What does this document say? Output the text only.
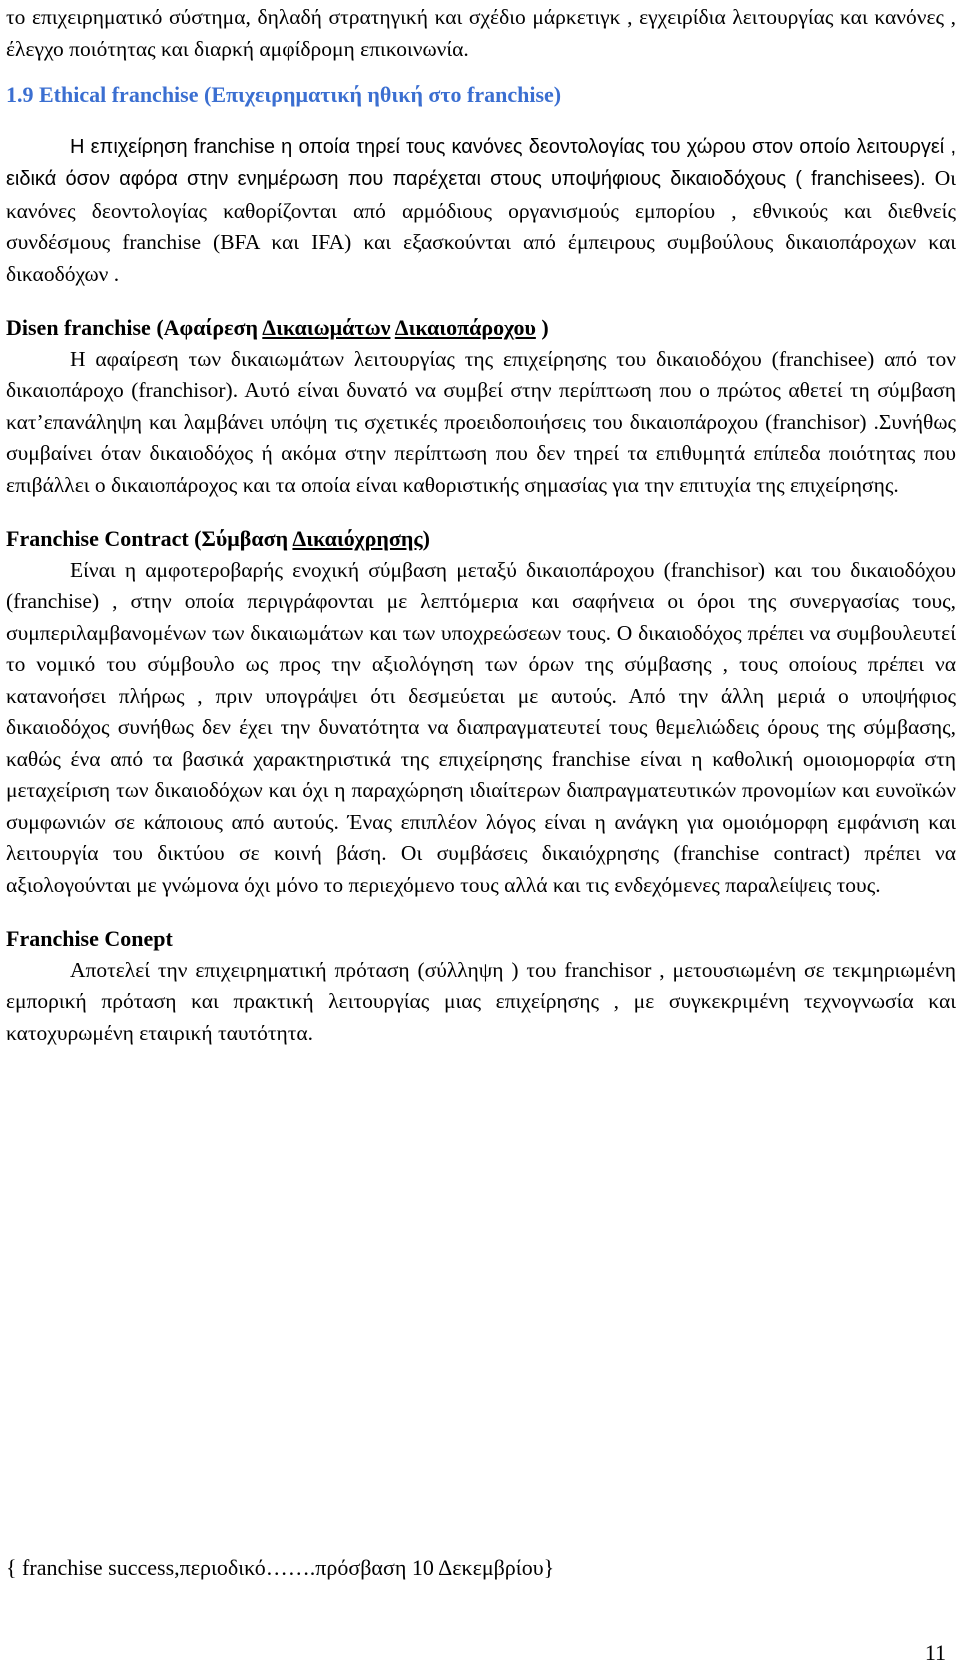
το επιχειρηματικό σύστημα, δηλαδή στρατηγική και σχέδιο μάρκετιγκ , εγχειρίδια λειτουργίας και κανόνες , έλεγχο ποιότητας και διαρκή αμφίδρομη επικοινωνία.

1.9 Ethical franchise (Επιχειρηματική ηθική στο franchise)

Η επιχείρηση franchise η οποία τηρεί τους κανόνες δεοντολογίας του χώρου στον οποίο λειτουργεί , ειδικά όσον αφόρα στην ενημέρωση που παρέχεται στους υποψήφιους δικαιοδόχους ( franchisees). Οι κανόνες δεοντολογίας καθορίζονται από αρμόδιους οργανισμούς εμπορίου , εθνικούς και διεθνείς συνδέσμους franchise (BFA και IFA) και εξασκούνται από έμπειρους συμβούλους δικαιοπάροχων και δικαοδόχων .

Disen franchise (Αφαίρεση Δικαιωμάτων Δικαιοπάροχου )

Η αφαίρεση των δικαιωμάτων λειτουργίας της επιχείρησης του δικαιοδόχου (franchisee) από τον δικαιοπάροχο (franchisor). Αυτό είναι δυνατό να συμβεί στην περίπτωση που ο πρώτος αθετεί τη σύμβαση κατ’επανάληψη και λαμβάνει υπόψη τις σχετικές προειδοποιήσεις του δικαιοπάροχου (franchisor) .Συνήθως συμβαίνει όταν δικαιοδόχος ή ακόμα στην περίπτωση που δεν τηρεί τα επιθυμητά επίπεδα ποιότητας που επιβάλλει ο δικαιοπάροχος και τα οποία είναι καθοριστικής σημασίας για την επιτυχία της επιχείρησης.

Franchise Contract (Σύμβαση Δικαιόχρησης)

Είναι η αμφοτεροβαρής ενοχική σύμβαση μεταξύ δικαιοπάροχου (franchisor) και του δικαιοδόχου (franchise) , στην οποία περιγράφονται με λεπτόμερια και σαφήνεια οι όροι της συνεργασίας τους, συμπεριλαμβανομένων των δικαιωμάτων και των υποχρεώσεων τους. Ο δικαιοδόχος πρέπει να συμβουλευτεί το νομικό του σύμβουλο ως προς την αξιολόγηση των όρων της σύμβασης , τους οποίους πρέπει να κατανοήσει πλήρως , πριν υπογράψει ότι δεσμεύεται με αυτούς. Από την άλλη μεριά ο υποψήφιος δικαιοδόχος συνήθως δεν έχει την δυνατότητα να διαπραγματευτεί τους θεμελιώδεις όρους της σύμβασης, καθώς ένα από τα βασικά χαρακτηριστικά της επιχείρησης franchise είναι η καθολική ομοιομορφία στη μεταχείριση των δικαιοδόχων και όχι η παραχώρηση ιδιαίτερων διαπραγματευτικών προνομίων και ευνοϊκών συμφωνιών σε κάποιους από αυτούς. Ένας επιπλέον λόγος είναι η ανάγκη για ομοιόμορφη εμφάνιση και λειτουργία του δικτύου σε κοινή βάση. Οι συμβάσεις δικαιόχρησης (franchise contract) πρέπει να αξιολογούνται με γνώμονα όχι μόνο το περιεχόμενο τους αλλά και τις ενδεχόμενες παραλείψεις τους.

Franchise Conept

Αποτελεί την επιχειρηματική πρόταση (σύλληψη ) του franchisor , μετουσιωμένη σε τεκμηριωμένη εμπορική πρόταση και πρακτική λειτουργίας μιας επιχείρησης , με συγκεκριμένη τεχνογνωσία και κατοχυρωμένη εταιρική ταυτότητα.

{ franchise success,περιοδικό…….πρόσβαση 10 Δεκεμβρίου}

11
